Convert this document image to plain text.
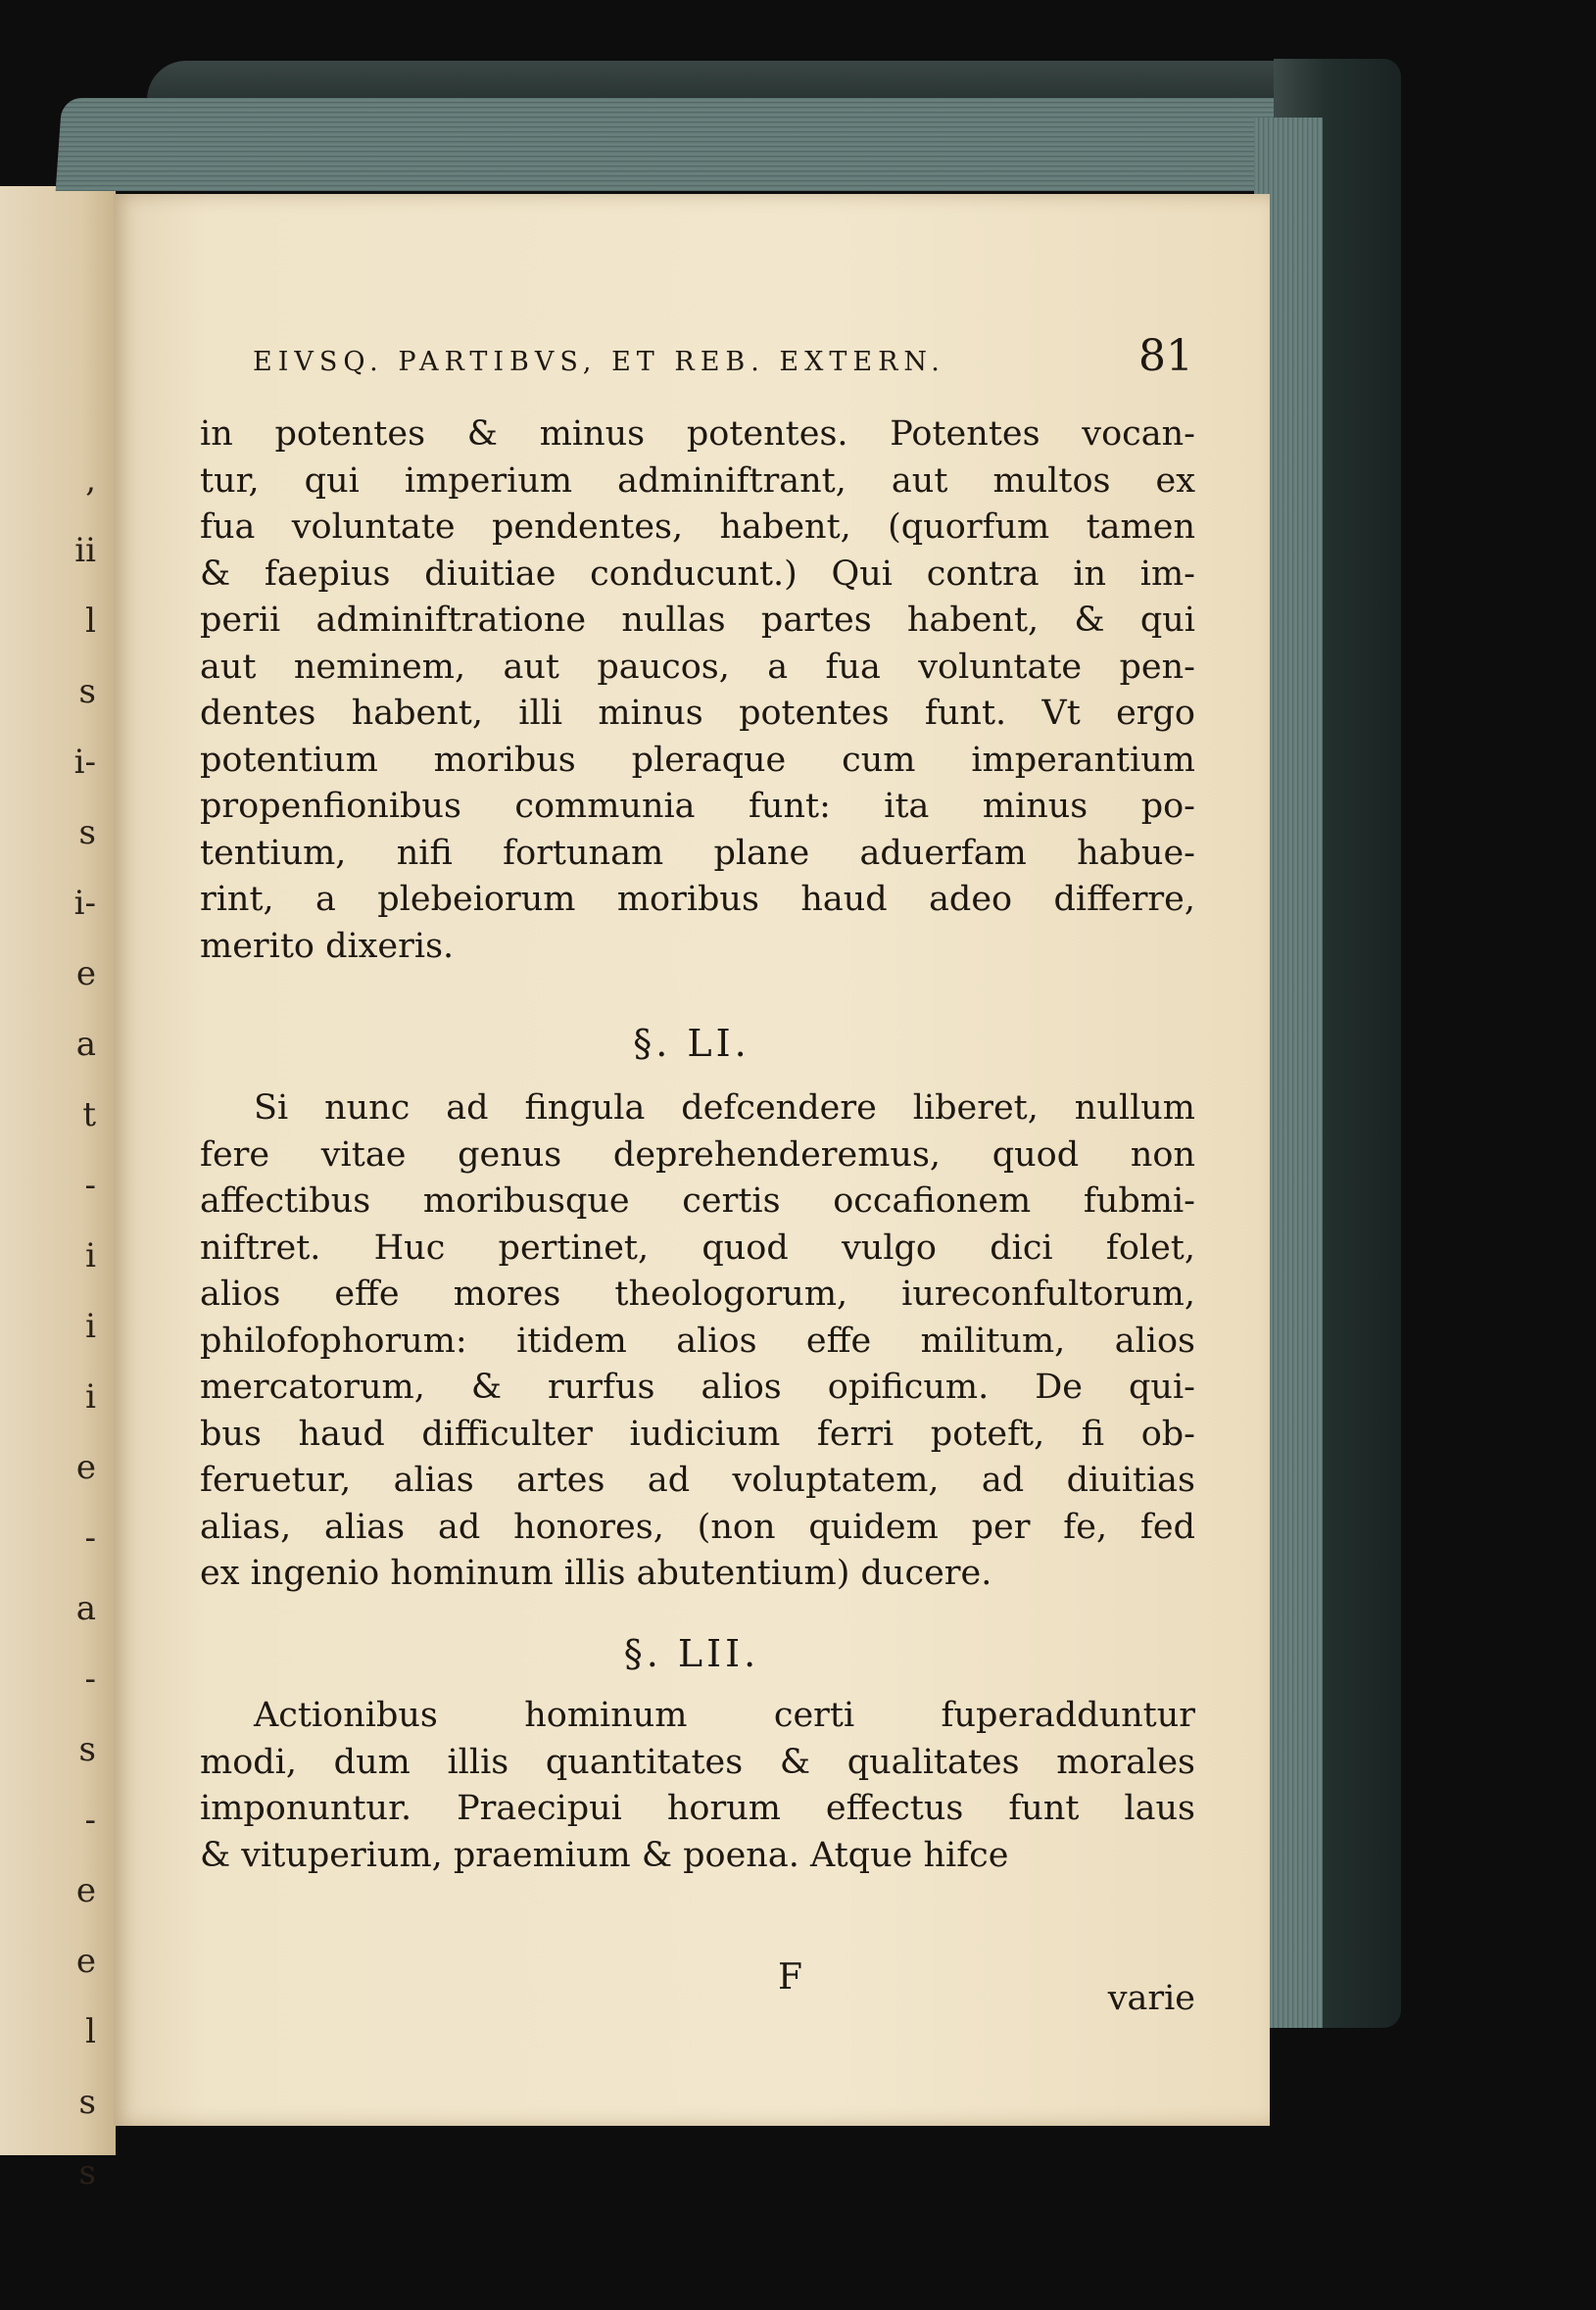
,
ii
l
s
i-
s
i-
e
a
t
-
i
i
i
e
-
a
-
s
-
e
e
l
s
s
EIVSQ. PARTIBVS, ET REB. EXTERN.	81
in potentes & minus potentes. Potentes vocan-
tur, qui imperium adminiftrant, aut multos ex
fua voluntate pendentes, habent, (quorfum tamen
& faepius diuitiae conducunt.) Qui contra in im-
perii adminiftratione nullas partes habent, & qui
aut neminem, aut paucos, a fua voluntate pen-
dentes habent, illi minus potentes funt. Vt ergo
potentium moribus pleraque cum imperantium
propenfionibus communia funt: ita minus po-
tentium, nifi fortunam plane aduerfam habue-
rint, a plebeiorum moribus haud adeo differre,
merito dixeris.
§. LI.
Si nunc ad fingula defcendere liberet, nullum
fere vitae genus deprehenderemus, quod non
affectibus moribusque certis occafionem fubmi-
niftret. Huc pertinet, quod vulgo dici folet,
alios effe mores theologorum, iureconfultorum,
philofophorum: itidem alios effe militum, alios
mercatorum, & rurfus alios opificum. De qui-
bus haud difficulter iudicium ferri poteft, fi ob-
feruetur, alias artes ad voluptatem, ad diuitias
alias, alias ad honores, (non quidem per fe, fed
ex ingenio hominum illis abutentium) ducere.
§. LII.
Actionibus hominum certi fuperadduntur
modi, dum illis quantitates & qualitates morales
imponuntur. Praecipui horum effectus funt laus
& vituperium, praemium & poena. Atque hifce
F
varie
